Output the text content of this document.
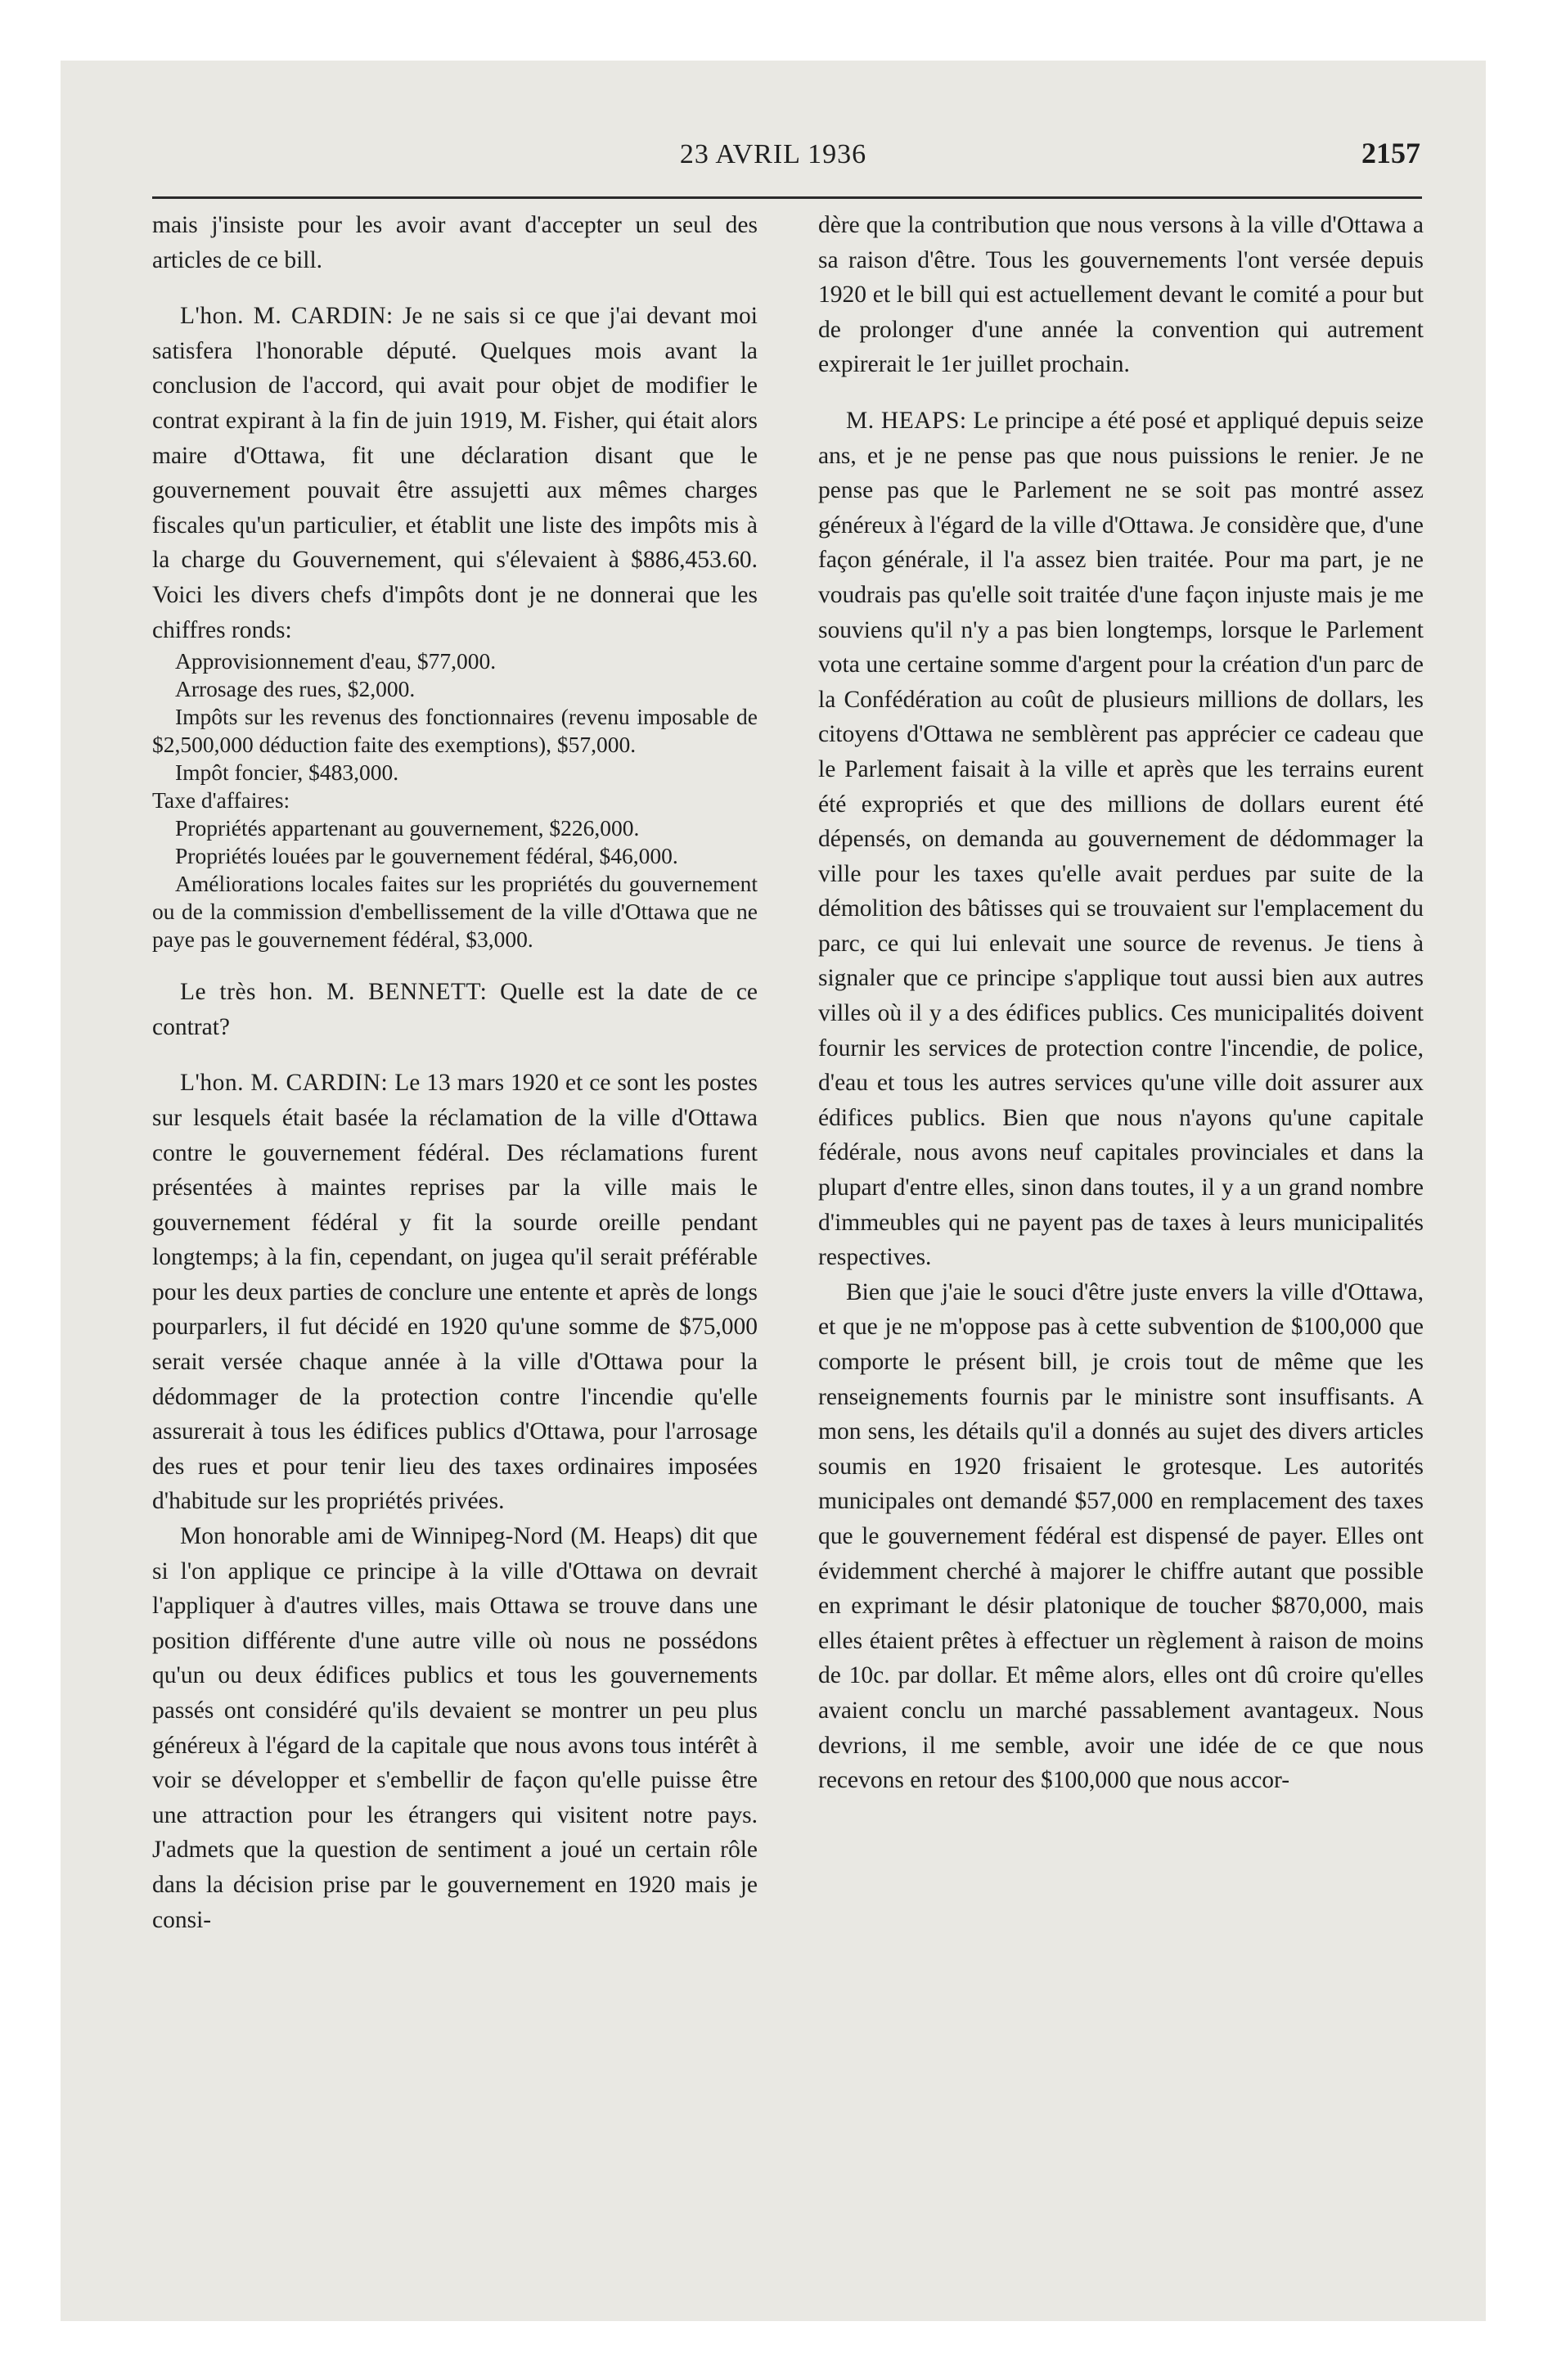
23 AVRIL 1936	2157

mais j'insiste pour les avoir avant d'accepter un seul des articles de ce bill.

L'hon. M. CARDIN: Je ne sais si ce que j'ai devant moi satisfera l'honorable député. Quelques mois avant la conclusion de l'accord, qui avait pour objet de modifier le contrat expirant à la fin de juin 1919, M. Fisher, qui était alors maire d'Ottawa, fit une déclaration disant que le gouvernement pouvait être assujetti aux mêmes charges fiscales qu'un particulier, et établit une liste des impôts mis à la charge du Gouvernement, qui s'élevaient à $886,453.60. Voici les divers chefs d'impôts dont je ne donnerai que les chiffres ronds:

Approvisionnement d'eau, $77,000.

Arrosage des rues, $2,000.

Impôts sur les revenus des fonctionnaires (revenu imposable de $2,500,000 déduction faite des exemptions), $57,000.

Impôt foncier, $483,000.

Taxe d'affaires:

Propriétés appartenant au gouvernement, $226,000.

Propriétés louées par le gouvernement fédéral, $46,000.

Améliorations locales faites sur les propriétés du gouvernement ou de la commission d'embellissement de la ville d'Ottawa que ne paye pas le gouvernement fédéral, $3,000.

Le très hon. M. BENNETT: Quelle est la date de ce contrat?

L'hon. M. CARDIN: Le 13 mars 1920 et ce sont les postes sur lesquels était basée la réclamation de la ville d'Ottawa contre le gouvernement fédéral. Des réclamations furent présentées à maintes reprises par la ville mais le gouvernement fédéral y fit la sourde oreille pendant longtemps; à la fin, cependant, on jugea qu'il serait préférable pour les deux parties de conclure une entente et après de longs pourparlers, il fut décidé en 1920 qu'une somme de $75,000 serait versée chaque année à la ville d'Ottawa pour la dédommager de la protection contre l'incendie qu'elle assurerait à tous les édifices publics d'Ottawa, pour l'arrosage des rues et pour tenir lieu des taxes ordinaires imposées d'habitude sur les propriétés privées.

Mon honorable ami de Winnipeg-Nord (M. Heaps) dit que si l'on applique ce principe à la ville d'Ottawa on devrait l'appliquer à d'autres villes, mais Ottawa se trouve dans une position différente d'une autre ville où nous ne possédons qu'un ou deux édifices publics et tous les gouvernements passés ont considéré qu'ils devaient se montrer un peu plus généreux à l'égard de la capitale que nous avons tous intérêt à voir se développer et s'embellir de façon qu'elle puisse être une attraction pour les étrangers qui visitent notre pays. J'admets que la question de sentiment a joué un certain rôle dans la décision prise par le gouvernement en 1920 mais je consi-

dère que la contribution que nous versons à la ville d'Ottawa a sa raison d'être. Tous les gouvernements l'ont versée depuis 1920 et le bill qui est actuellement devant le comité a pour but de prolonger d'une année la convention qui autrement expirerait le 1er juillet prochain.

M. HEAPS: Le principe a été posé et appliqué depuis seize ans, et je ne pense pas que nous puissions le renier. Je ne pense pas que le Parlement ne se soit pas montré assez généreux à l'égard de la ville d'Ottawa. Je considère que, d'une façon générale, il l'a assez bien traitée. Pour ma part, je ne voudrais pas qu'elle soit traitée d'une façon injuste mais je me souviens qu'il n'y a pas bien longtemps, lorsque le Parlement vota une certaine somme d'argent pour la création d'un parc de la Confédération au coût de plusieurs millions de dollars, les citoyens d'Ottawa ne semblèrent pas apprécier ce cadeau que le Parlement faisait à la ville et après que les terrains eurent été expropriés et que des millions de dollars eurent été dépensés, on demanda au gouvernement de dédommager la ville pour les taxes qu'elle avait perdues par suite de la démolition des bâtisses qui se trouvaient sur l'emplacement du parc, ce qui lui enlevait une source de revenus. Je tiens à signaler que ce principe s'applique tout aussi bien aux autres villes où il y a des édifices publics. Ces municipalités doivent fournir les services de protection contre l'incendie, de police, d'eau et tous les autres services qu'une ville doit assurer aux édifices publics. Bien que nous n'ayons qu'une capitale fédérale, nous avons neuf capitales provinciales et dans la plupart d'entre elles, sinon dans toutes, il y a un grand nombre d'immeubles qui ne payent pas de taxes à leurs municipalités respectives.

Bien que j'aie le souci d'être juste envers la ville d'Ottawa, et que je ne m'oppose pas à cette subvention de $100,000 que comporte le présent bill, je crois tout de même que les renseignements fournis par le ministre sont insuffisants. A mon sens, les détails qu'il a donnés au sujet des divers articles soumis en 1920 frisaient le grotesque. Les autorités municipales ont demandé $57,000 en remplacement des taxes que le gouvernement fédéral est dispensé de payer. Elles ont évidemment cherché à majorer le chiffre autant que possible en exprimant le désir platonique de toucher $870,000, mais elles étaient prêtes à effectuer un règlement à raison de moins de 10c. par dollar. Et même alors, elles ont dû croire qu'elles avaient conclu un marché passablement avantageux. Nous devrions, il me semble, avoir une idée de ce que nous recevons en retour des $100,000 que nous accor-
